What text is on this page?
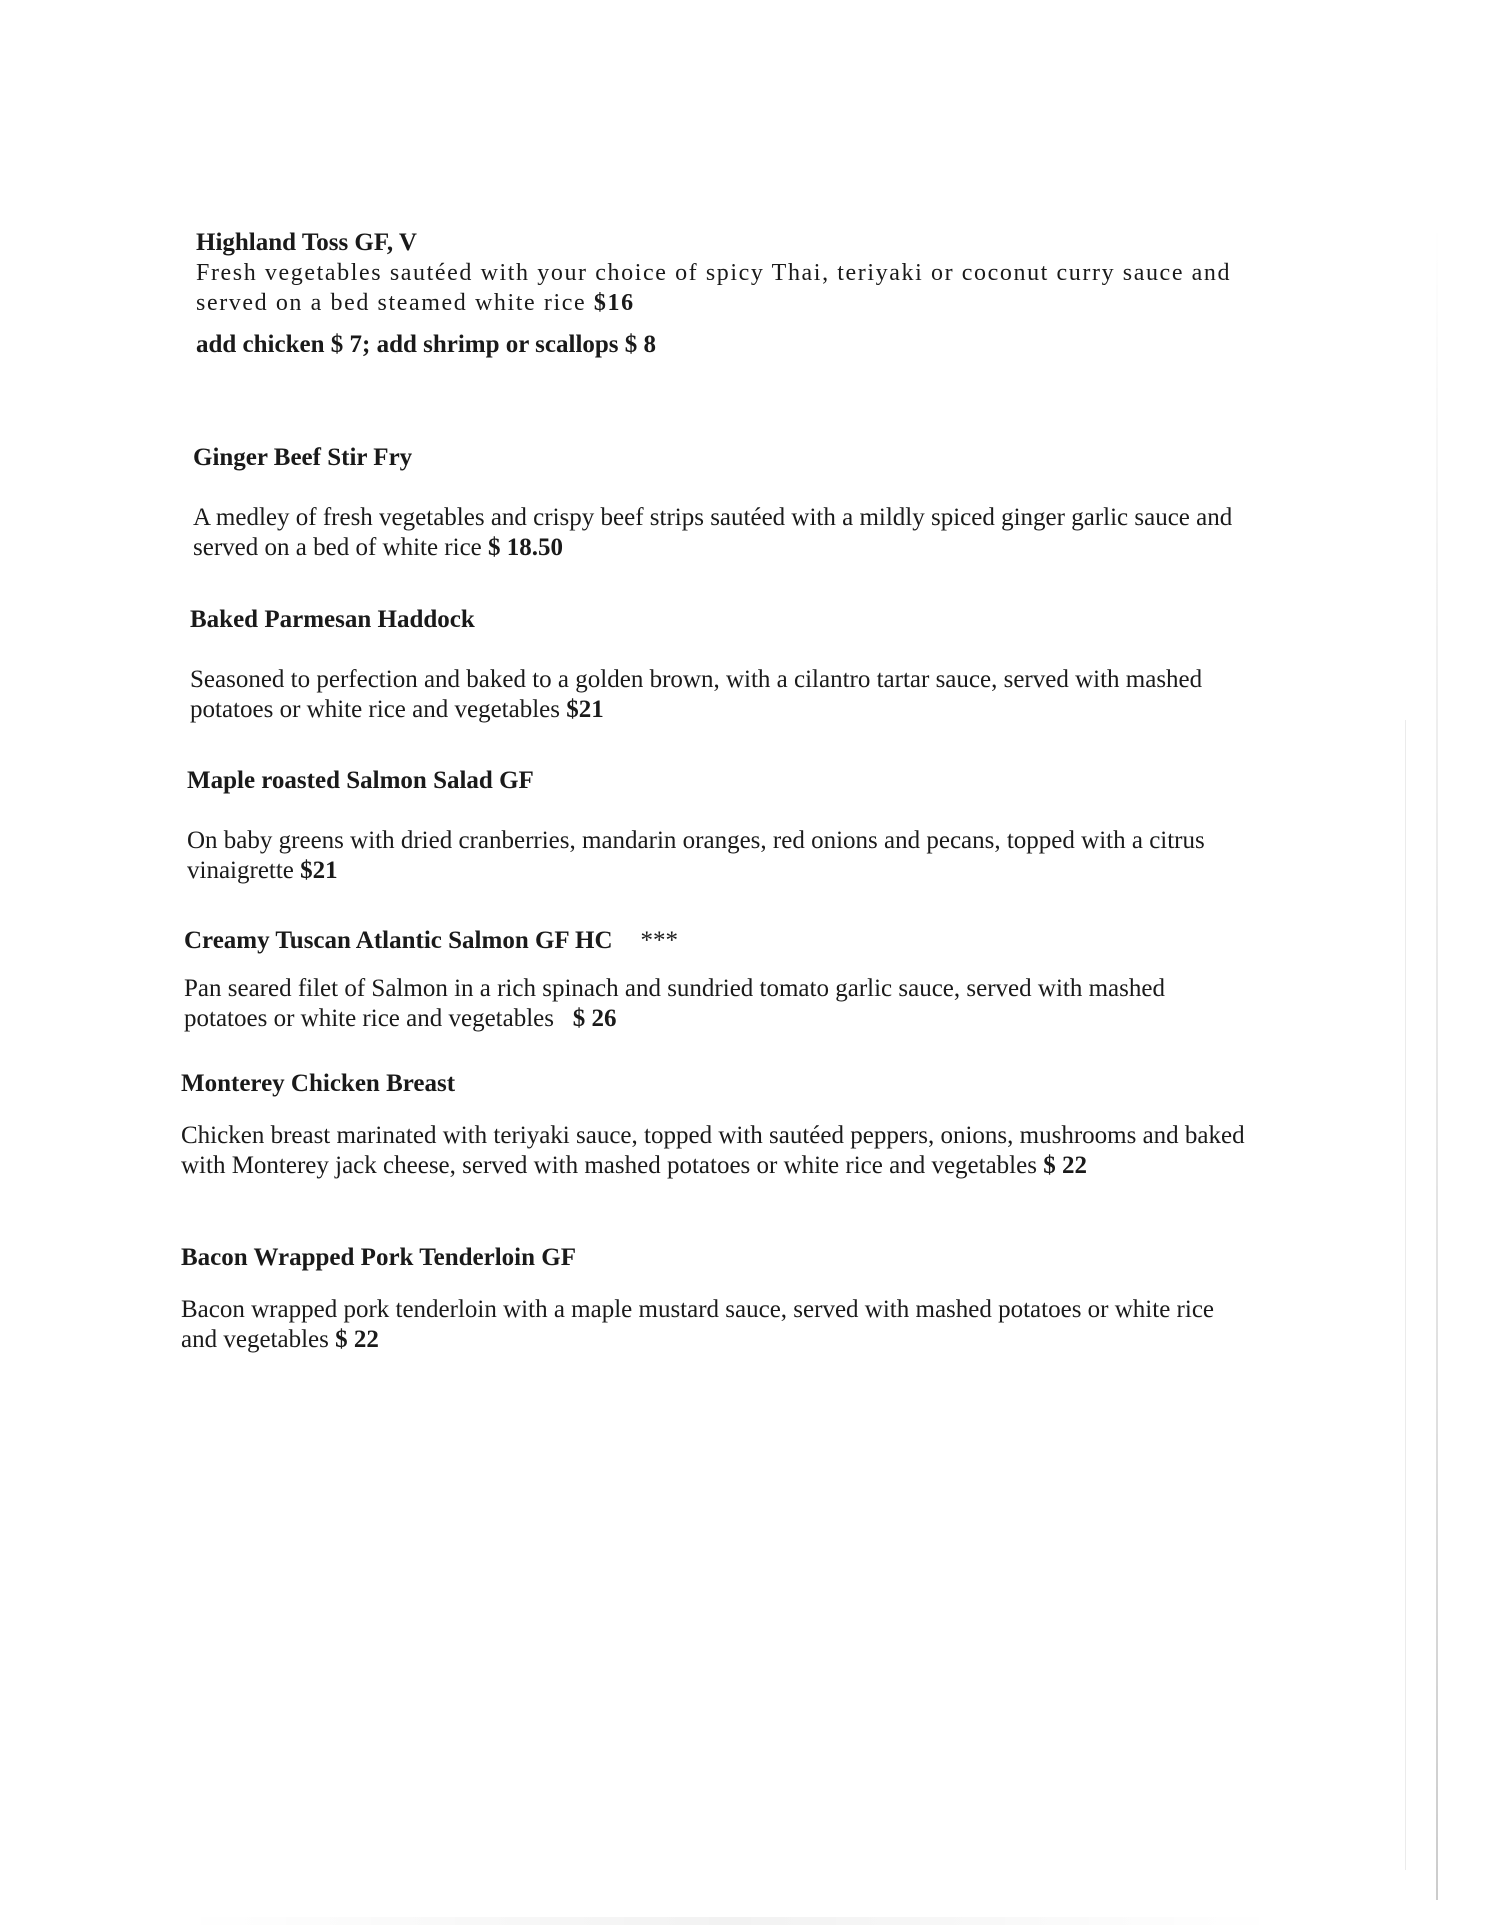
Highland Toss GF, V

Fresh vegetables sautéed with your choice of spicy Thai, teriyaki or coconut curry sauce and served on a bed steamed white rice $16

add chicken $ 7; add shrimp or scallops $ 8

Ginger Beef Stir Fry

A medley of fresh vegetables and crispy beef strips sautéed with a mildly spiced ginger garlic sauce and served on a bed of white rice $ 18.50

Baked Parmesan Haddock

Seasoned to perfection and baked to a golden brown, with a cilantro tartar sauce, served with mashed potatoes or white rice and vegetables $21

Maple roasted Salmon Salad GF

On baby greens with dried cranberries, mandarin oranges, red onions and pecans, topped with a citrus vinaigrette $21

Creamy Tuscan Atlantic Salmon GF HC ***

Pan seared filet of Salmon in a rich spinach and sundried tomato garlic sauce, served with mashed potatoes or white rice and vegetables $ 26

Monterey Chicken Breast

Chicken breast marinated with teriyaki sauce, topped with sautéed peppers, onions, mushrooms and baked with Monterey jack cheese, served with mashed potatoes or white rice and vegetables $ 22

Bacon Wrapped Pork Tenderloin GF

Bacon wrapped pork tenderloin with a maple mustard sauce, served with mashed potatoes or white rice and vegetables $ 22
